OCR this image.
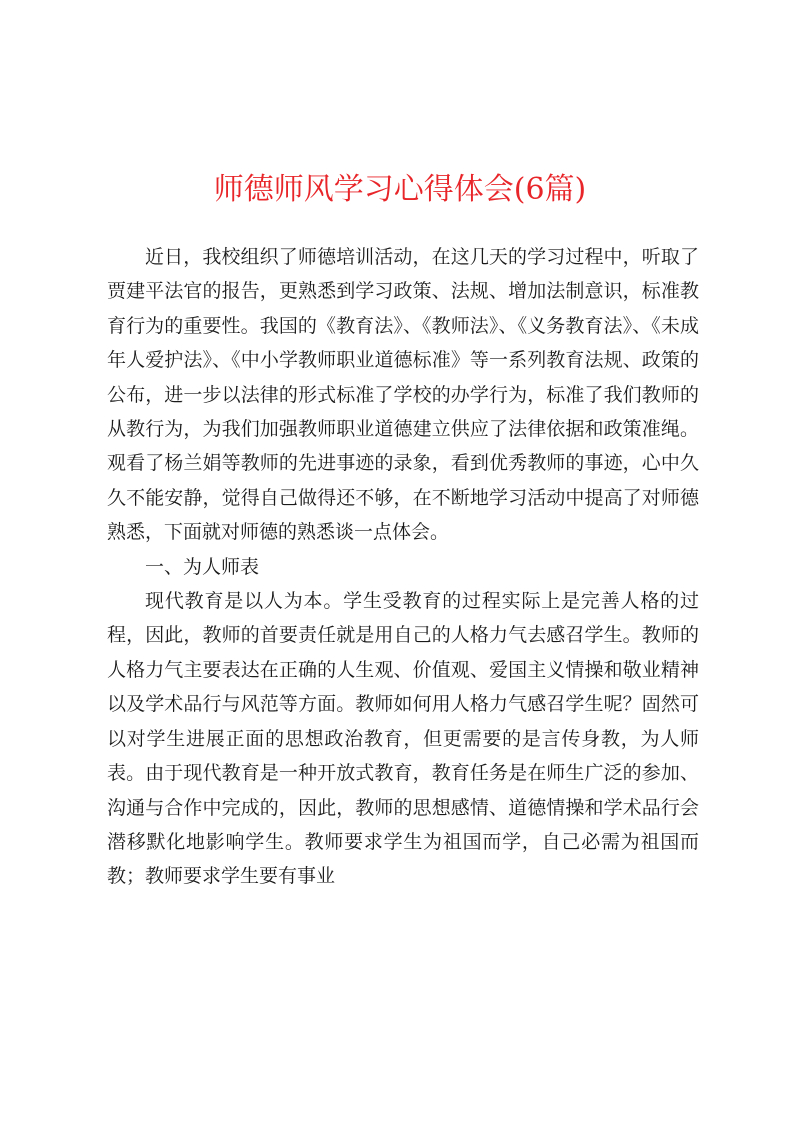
师德师风学习心得体会(6篇)

近日，我校组织了师德培训活动，在这几天的学习过程中，听取了贾建平法官的报告，更熟悉到学习政策、法规、增加法制意识，标准教育行为的重要性。我国的《教育法》、《教师法》、《义务教育法》、《未成年人爱护法》、《中小学教师职业道德标准》等一系列教育法规、政策的公布，进一步以法律的形式标准了学校的办学行为，标准了我们教师的从教行为，为我们加强教师职业道德建立供应了法律依据和政策准绳。观看了杨兰娟等教师的先进事迹的录象，看到优秀教师的事迹，心中久久不能安静，觉得自己做得还不够，在不断地学习活动中提高了对师德熟悉，下面就对师德的熟悉谈一点体会。

一、为人师表

现代教育是以人为本。学生受教育的过程实际上是完善人格的过程，因此，教师的首要责任就是用自己的人格力气去感召学生。教师的人格力气主要表达在正确的人生观、价值观、爱国主义情操和敬业精神以及学术品行与风范等方面。教师如何用人格力气感召学生呢？固然可以对学生进展正面的思想政治教育，但更需要的是言传身教，为人师表。由于现代教育是一种开放式教育，教育任务是在师生广泛的参加、沟通与合作中完成的，因此，教师的思想感情、道德情操和学术品行会潜移默化地影响学生。教师要求学生为祖国而学，自己必需为祖国而教；教师要求学生要有事业
